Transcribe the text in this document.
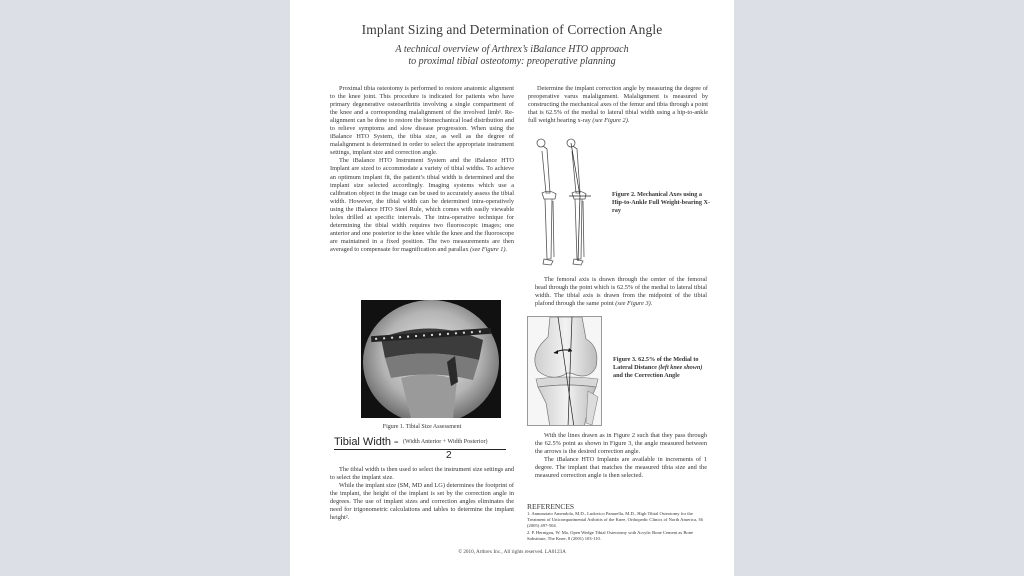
Implant Sizing and Determination of Correction Angle
A technical overview of Arthrex’s iBalance HTO approach
to proximal tibial osteotomy: preoperative planning

Proximal tibia osteotomy is performed to restore anatomic alignment to the knee joint. This procedure is indicated for patients who have primary degenerative osteoarthritis involving a single compartment of the knee and a corresponding malalignment of the involved limb¹. Re-alignment can be done to restore the biomechanical load distribution and to relieve symptoms and slow disease progression. When using the iBalance HTO System, the tibia size, as well as the degree of malalignment is determined in order to select the appropriate instrument settings, implant size and correction angle.

The iBalance HTO Instrument System and the iBalance HTO Implant are sized to accommodate a variety of tibial widths. To achieve an optimum implant fit, the patient’s tibial width is determined and the implant size selected accordingly. Imaging systems which use a calibration object in the image can be used to accurately assess the tibial width. However, the tibial width can be determined intra-operatively using the iBalance HTO Steel Rule, which comes with easily viewable holes drilled at specific intervals. The intra-operative technique for determining the tibial width requires two fluoroscopic images; one anterior and one posterior to the knee while the knee and the fluoroscope are maintained in a fixed position. The two measurements are then averaged to compensate for magnification and parallax (see Figure 1).

Figure 1. Tibial Size Assessment
Tibial Width = (Width Anterior + Width Posterior)
2

The tibial width is then used to select the instrument size settings and to select the implant size.

While the implant size (SM, MD and LG) determines the footprint of the implant, the height of the implant is set by the correction angle in degrees. The use of implant sizes and correction angles eliminates the need for trigonometric calculations and tables to determine the implant height².

Determine the implant correction angle by measuring the degree of preoperative varus malalignment. Malalignment is measured by constructing the mechanical axes of the femur and tibia through a point that is 62.5% of the medial to lateral tibial width using a hip-to-ankle full weight bearing x-ray (see Figure 2).

Figure 2. Mechanical Axes using a Hip-to-Ankle Full Weight-bearing X-ray

The femoral axis is drawn through the center of the femoral head through the point which is 62.5% of the medial to lateral tibial width. The tibial axis is drawn from the midpoint of the tibial plafond through the same point (see Figure 3).

Figure 3. 62.5% of the Medial to Lateral Distance (left knee shown) and the Correction Angle

With the lines drawn as in Figure 2 such that they pass through the 62.5% point as shown in Figure 3, the angle measured between the arrows is the desired correction angle.

The iBalance HTO Implants are available in increments of 1 degree. The implant that matches the measured tibia size and the measured correction angle is then selected.

REFERENCES
1. Annunziato Amendola, M.D., Ludovico Panarella, M.D., High Tibial Osteotomy for the Treatment of Unicompartmental Arthritis of the Knee, Orthopedic Clinics of North America, 36 (2005) 497-504.
2. P. Hernigou, W. Ma, Open Wedge Tibial Osteotomy with Acrylic Bone Cement as Bone Substitute, The Knee, 8 (2001) 103-110.
© 2010, Arthrex Inc., All rights reserved. LA0123A
